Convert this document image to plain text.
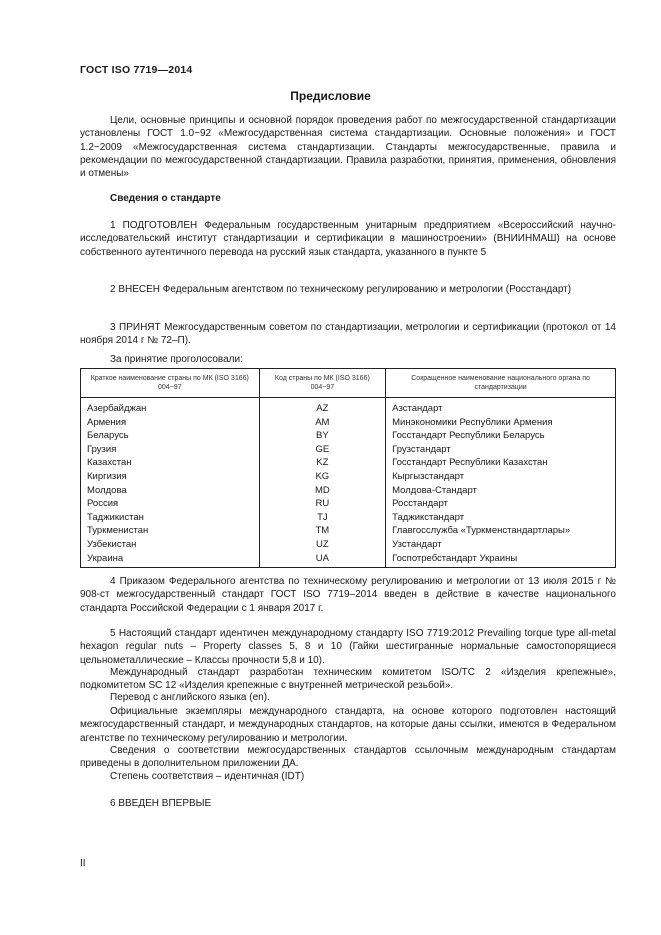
ГОСТ ISO 7719—2014
Предисловие

Цели, основные принципы и основной порядок проведения работ по межгосударственной стандартизации установлены ГОСТ 1.0−92 «Межгосударственная система стандартизации. Основные положения» и ГОСТ 1.2−2009 «Межгосударственная система стандартизации. Стандарты межгосударственные, правила и рекомендации по межгосударственной стандартизации. Правила разработки, принятия, применения, обновления и отмены»

Сведения о стандарте

1 ПОДГОТОВЛЕН Федеральным государственным унитарным предприятием «Всероссийский научно-исследовательский институт стандартизации и сертификации в машиностроении» (ВНИИНМАШ) на основе собственного аутентичного перевода на русский язык стандарта, указанного в пункте 5

2 ВНЕСЕН Федеральным агентством по техническому регулированию и метрологии (Росстандарт)

3 ПРИНЯТ Межгосударственным советом по стандартизации, метрологии и сертификации (протокол от 14 ноября 2014 г № 72–П).

За принятие проголосовали:
Краткое наименование страны по МК (ISO 3166) 004−97	Код страны по МК (ISO 3166) 004−97	Сокращенное наименование национального органа по стандартизации
Азербайджан	AZ	Азстандарт
Армения	AM	Минэкономики Республики Армения
Беларусь	BY	Госстандарт Республики Беларусь
Грузия	GE	Грузстандарт
Казахстан	KZ	Госстандарт Республики Казахстан
Киргизия	KG	Кыргызстандарт
Молдова	MD	Молдова-Стандарт
Россия	RU	Росстандарт
Таджикистан	TJ	Таджикстандарт
Туркменистан	TM	Главгосслужба «Туркменстандартлары»
Узбекистан	UZ	Узстандарт
Украина	UA	Госпотребстандарт Украины

4 Приказом Федерального агентства по техническому регулированию и метрологии от 13 июля 2015 г № 908-ст межгосударственный стандарт ГОСТ ISO 7719–2014 введен в действие в качестве национального стандарта Российской Федерации с 1 января 2017 г.

5 Настоящий стандарт идентичен международному стандарту ISO 7719:2012 Prevailing torque type all-metal hexagon regular nuts – Property classes 5, 8 и 10 (Гайки шестигранные нормальные самостопорящиеся цельнометаллические – Классы прочности 5,8 и 10).

Международный стандарт разработан техническим комитетом ISO/TC 2 «Изделия крепежные», подкомитетом SC 12 «Изделия крепежные с внутренней метрической резьбой».

Перевод с английского языка (en).

Официальные экземпляры международного стандарта, на основе которого подготовлен настоящий межгосударственный стандарт, и международных стандартов, на которые даны ссылки, имеются в Федеральном агентстве по техническому регулированию и метрологии.

Сведения о соответствии межгосударственных стандартов ссылочным международным стандартам приведены в дополнительном приложении ДА.

Степень соответствия – идентичная (IDT)

6 ВВЕДЕН ВПЕРВЫЕ
II
